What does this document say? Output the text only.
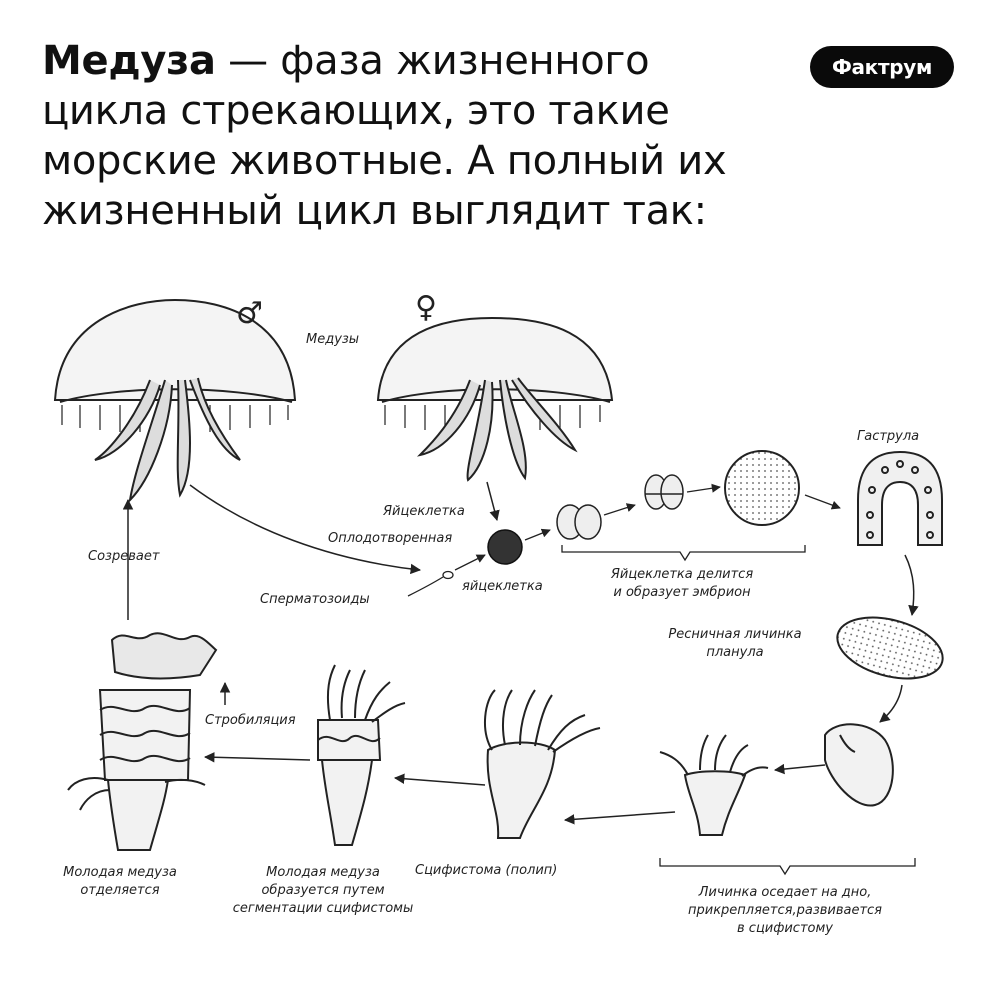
Медуза — фаза жизненного цикла стрекающих, это такие морские животные. А полный их жизненный цикл выглядит так:
Фактрум
♂	♀
Медузы
Яйцеклетка
Оплодотворенная
яйцеклетка
Сперматозоиды
Яйцеклетка делится
и образует эмбрион
Гаструла
Ресничная личинка
планула
Созревает
Стробиляция
Молодая медуза
отделяется
Молодая медуза
образуется путем
сегментации сцифистомы
Сцифистома (полип)
Личинка оседает на дно,
прикрепляется,развивается
в сцифистому
